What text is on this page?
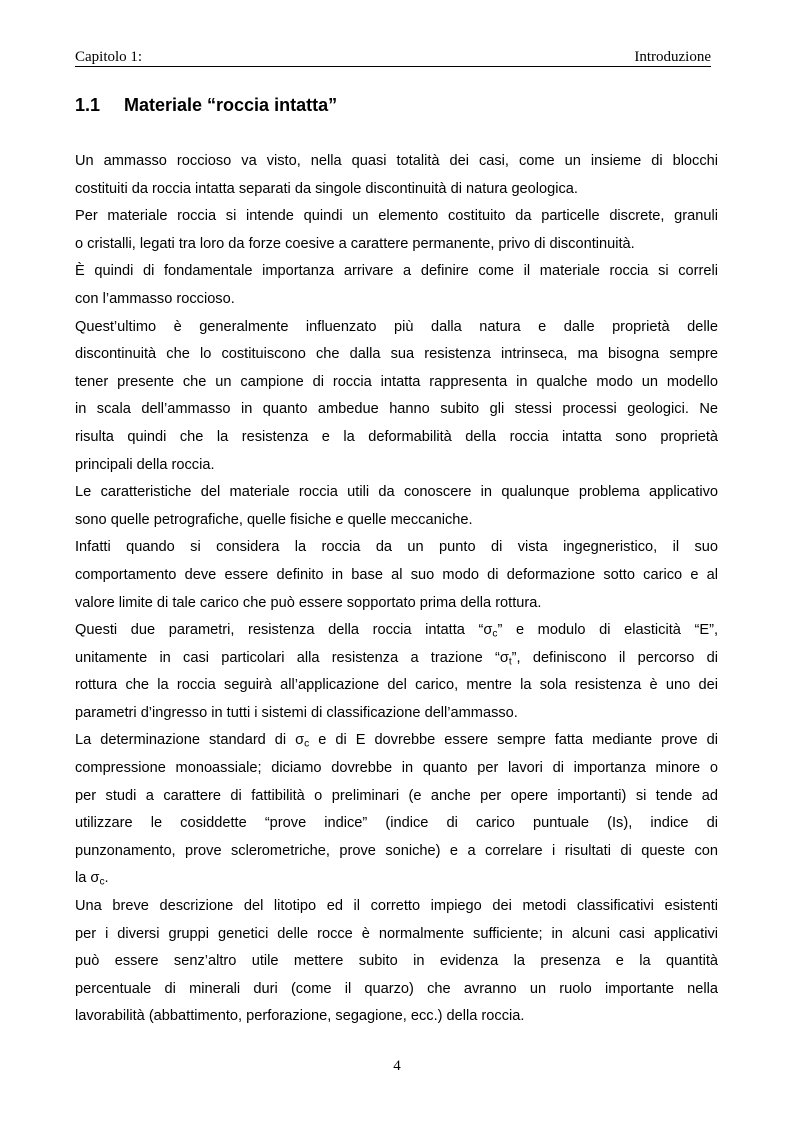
Capitolo 1:	Introduzione
1.1 Materiale “roccia intatta”
Un ammasso roccioso va visto, nella quasi totalità dei casi, come un insieme di blocchi
costituiti da roccia intatta separati da singole discontinuità di natura geologica.
Per materiale roccia si intende quindi un elemento costituito da particelle discrete, granuli
o cristalli, legati tra loro da forze coesive a carattere permanente, privo di discontinuità.
È quindi di fondamentale importanza arrivare a definire come il materiale roccia si correli
con l’ammasso roccioso.
Quest’ultimo è generalmente influenzato più dalla natura e dalle proprietà delle
discontinuità che lo costituiscono che dalla sua resistenza intrinseca, ma bisogna sempre
tener presente che un campione di roccia intatta rappresenta in qualche modo un modello
in scala dell’ammasso in quanto ambedue hanno subito gli stessi processi geologici. Ne
risulta quindi che la resistenza e la deformabilità della roccia intatta sono proprietà
principali della roccia.
Le caratteristiche del materiale roccia utili da conoscere in qualunque problema applicativo
sono quelle petrografiche, quelle fisiche e quelle meccaniche.
Infatti quando si considera la roccia da un punto di vista ingegneristico, il suo
comportamento deve essere definito in base al suo modo di deformazione sotto carico e al
valore limite di tale carico che può essere sopportato prima della rottura.
Questi due parametri, resistenza della roccia intatta “$\sigma_c$” e modulo di elasticità “E”,
unitamente in casi particolari alla resistenza a trazione “$\sigma_t$”, definiscono il percorso di
rottura che la roccia seguirà all’applicazione del carico, mentre la sola resistenza è uno dei
parametri d’ingresso in tutti i sistemi di classificazione dell’ammasso.
La determinazione standard di $\sigma_c$ e di E dovrebbe essere sempre fatta mediante prove di
compressione monoassiale; diciamo dovrebbe in quanto per lavori di importanza minore o
per studi a carattere di fattibilità o preliminari (e anche per opere importanti) si tende ad
utilizzare le cosiddette “prove indice” (indice di carico puntuale (Is), indice di
punzonamento, prove sclerometriche, prove soniche) e a correlare i risultati di queste con
la $\sigma_c$.
Una breve descrizione del litotipo ed il corretto impiego dei metodi classificativi esistenti
per i diversi gruppi genetici delle rocce è normalmente sufficiente; in alcuni casi applicativi
può essere senz’altro utile mettere subito in evidenza la presenza e la quantità
percentuale di minerali duri (come il quarzo) che avranno un ruolo importante nella
lavorabilità (abbattimento, perforazione, segagione, ecc.) della roccia.
4
